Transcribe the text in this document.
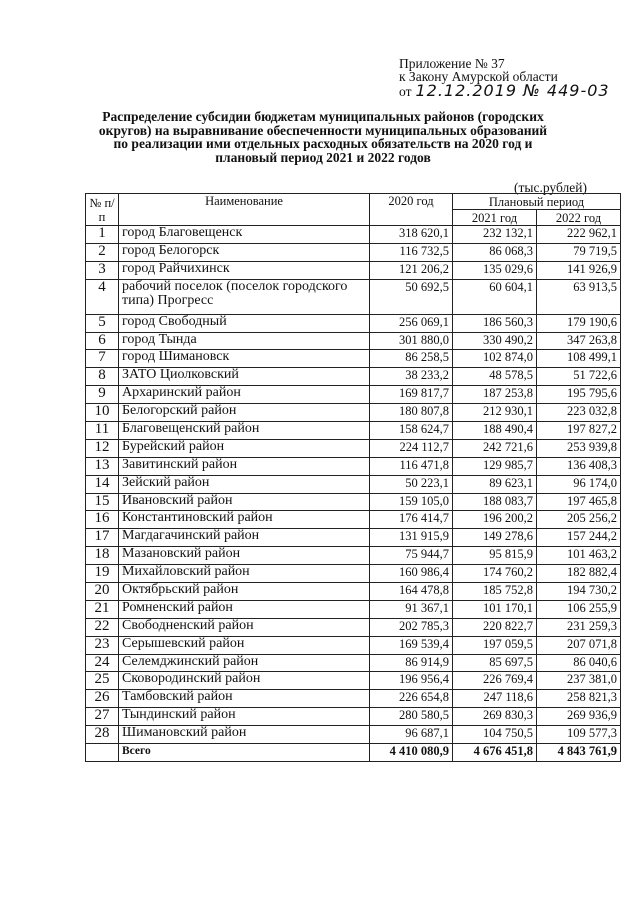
Приложение № 37
к Закону Амурской области
от 12.12.2019 № 449-03
Распределение субсидии бюджетам муниципальных районов (городских округов) на выравнивание обеспеченности муниципальных образований по реализации ими отдельных расходных обязательств на 2020 год и плановый период 2021 и 2022 годов
(тыс.рублей)
№ п/п	Наименование	2020 год	Плановый период	
			2021 год	2022 год
1	город Благовещенск	318 620,1	232 132,1	222 962,1
2	город Белогорск	116 732,5	86 068,3	79 719,5
3	город Райчихинск	121 206,2	135 029,6	141 926,9
4	рабочий поселок (поселок городского типа) Прогресс	50 692,5	60 604,1	63 913,5
5	город Свободный	256 069,1	186 560,3	179 190,6
6	город Тында	301 880,0	330 490,2	347 263,8
7	город Шимановск	86 258,5	102 874,0	108 499,1
8	ЗАТО Циолковский	38 233,2	48 578,5	51 722,6
9	Архаринский район	169 817,7	187 253,8	195 795,6
10	Белогорский район	180 807,8	212 930,1	223 032,8
11	Благовещенский район	158 624,7	188 490,4	197 827,2
12	Бурейский район	224 112,7	242 721,6	253 939,8
13	Завитинский район	116 471,8	129 985,7	136 408,3
14	Зейский район	50 223,1	89 623,1	96 174,0
15	Ивановский район	159 105,0	188 083,7	197 465,8
16	Константиновский район	176 414,7	196 200,2	205 256,2
17	Магдагачинский район	131 915,9	149 278,6	157 244,2
18	Мазановский район	75 944,7	95 815,9	101 463,2
19	Михайловский район	160 986,4	174 760,2	182 882,4
20	Октябрьский район	164 478,8	185 752,8	194 730,2
21	Ромненский район	91 367,1	101 170,1	106 255,9
22	Свободненский район	202 785,3	220 822,7	231 259,3
23	Серышевский район	169 539,4	197 059,5	207 071,8
24	Селемджинский район	86 914,9	85 697,5	86 040,6
25	Сковородинский район	196 956,4	226 769,4	237 381,0
26	Тамбовский район	226 654,8	247 118,6	258 821,3
27	Тындинский район	280 580,5	269 830,3	269 936,9
28	Шимановский район	96 687,1	104 750,5	109 577,3
	Всего	4 410 080,9	4 676 451,8	4 843 761,9
